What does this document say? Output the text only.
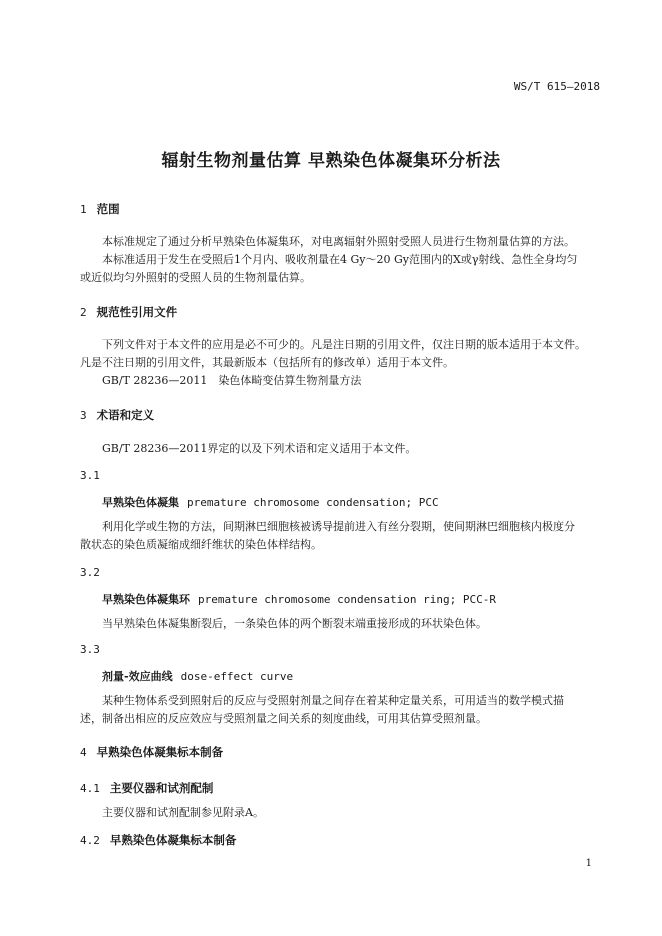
WS/T 615—2018
辐射生物剂量估算 早熟染色体凝集环分析法
1 范围
本标准规定了通过分析早熟染色体凝集环，对电离辐射外照射受照人员进行生物剂量估算的方法。
本标准适用于发生在受照后1个月内、吸收剂量在4 Gy～20 Gy范围内的X或γ射线、急性全身均匀
或近似均匀外照射的受照人员的生物剂量估算。
2 规范性引用文件
下列文件对于本文件的应用是必不可少的。凡是注日期的引用文件，仅注日期的版本适用于本文件。
凡是不注日期的引用文件，其最新版本（包括所有的修改单）适用于本文件。
GB/T 28236—2011　染色体畸变估算生物剂量方法
3 术语和定义
GB/T 28236—2011界定的以及下列术语和定义适用于本文件。
3.1
早熟染色体凝集 premature chromosome condensation; PCC
利用化学或生物的方法，间期淋巴细胞核被诱导提前进入有丝分裂期，使间期淋巴细胞核内极度分
散状态的染色质凝缩成细纤维状的染色体样结构。
3.2
早熟染色体凝集环 premature chromosome condensation ring; PCC-R
当早熟染色体凝集断裂后，一条染色体的两个断裂末端重接形成的环状染色体。
3.3
剂量-效应曲线 dose-effect curve
某种生物体系受到照射后的反应与受照射剂量之间存在着某种定量关系，可用适当的数学模式描
述，制备出相应的反应效应与受照剂量之间关系的刻度曲线，可用其估算受照剂量。
4 早熟染色体凝集标本制备
4.1 主要仪器和试剂配制
主要仪器和试剂配制参见附录A。
4.2 早熟染色体凝集标本制备
1
